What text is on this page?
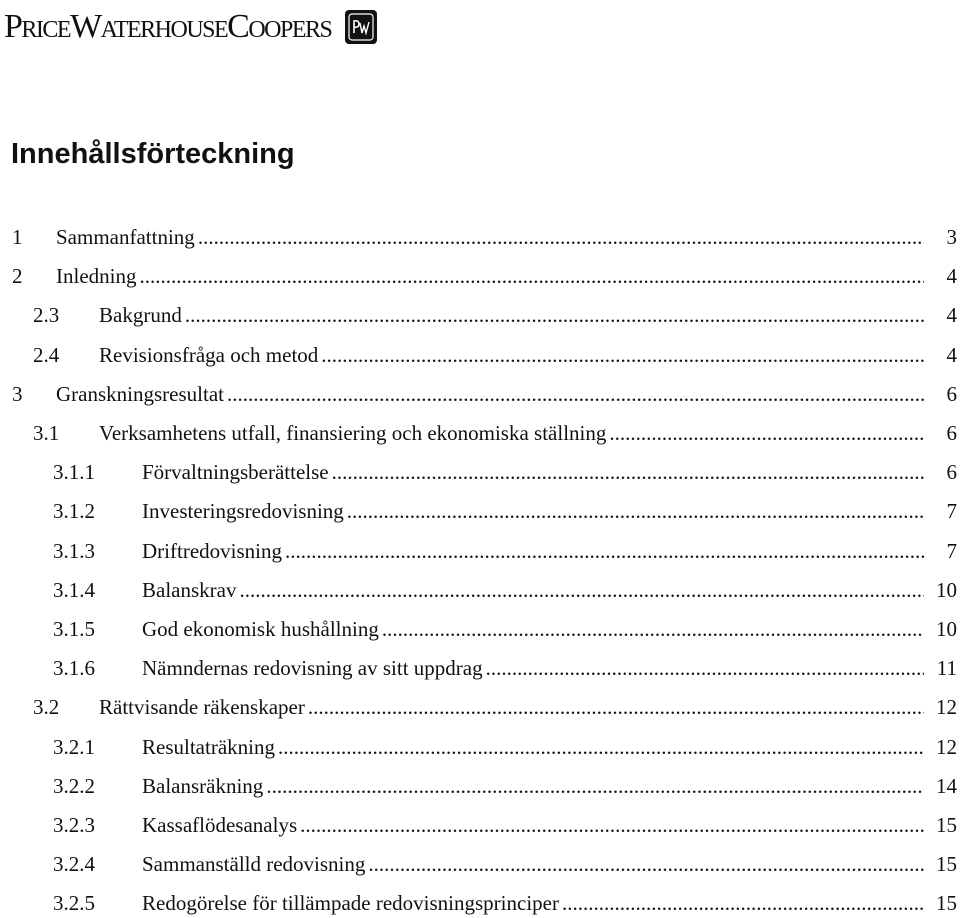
PriceWaterhouseCoopers
Innehållsförteckning
1	Sammanfattning .....	3
2	Inledning .....	4
2.3	Bakgrund .....	4
2.4	Revisionsfråga och metod .....	4
3	Granskningsresultat .....	6
3.1	Verksamhetens utfall, finansiering och ekonomiska ställning .....	6
3.1.1	Förvaltningsberättelse .....	6
3.1.2	Investeringsredovisning .....	7
3.1.3	Driftredovisning .....	7
3.1.4	Balanskrav .....	10
3.1.5	God ekonomisk hushållning .....	10
3.1.6	Nämndernas redovisning av sitt uppdrag .....	11
3.2	Rättvisande räkenskaper .....	12
3.2.1	Resultaträkning .....	12
3.2.2	Balansräkning .....	14
3.2.3	Kassaflödesanalys .....	15
3.2.4	Sammanställd redovisning .....	15
3.2.5	Redogörelse för tillämpade redovisningsprinciper .....	15
